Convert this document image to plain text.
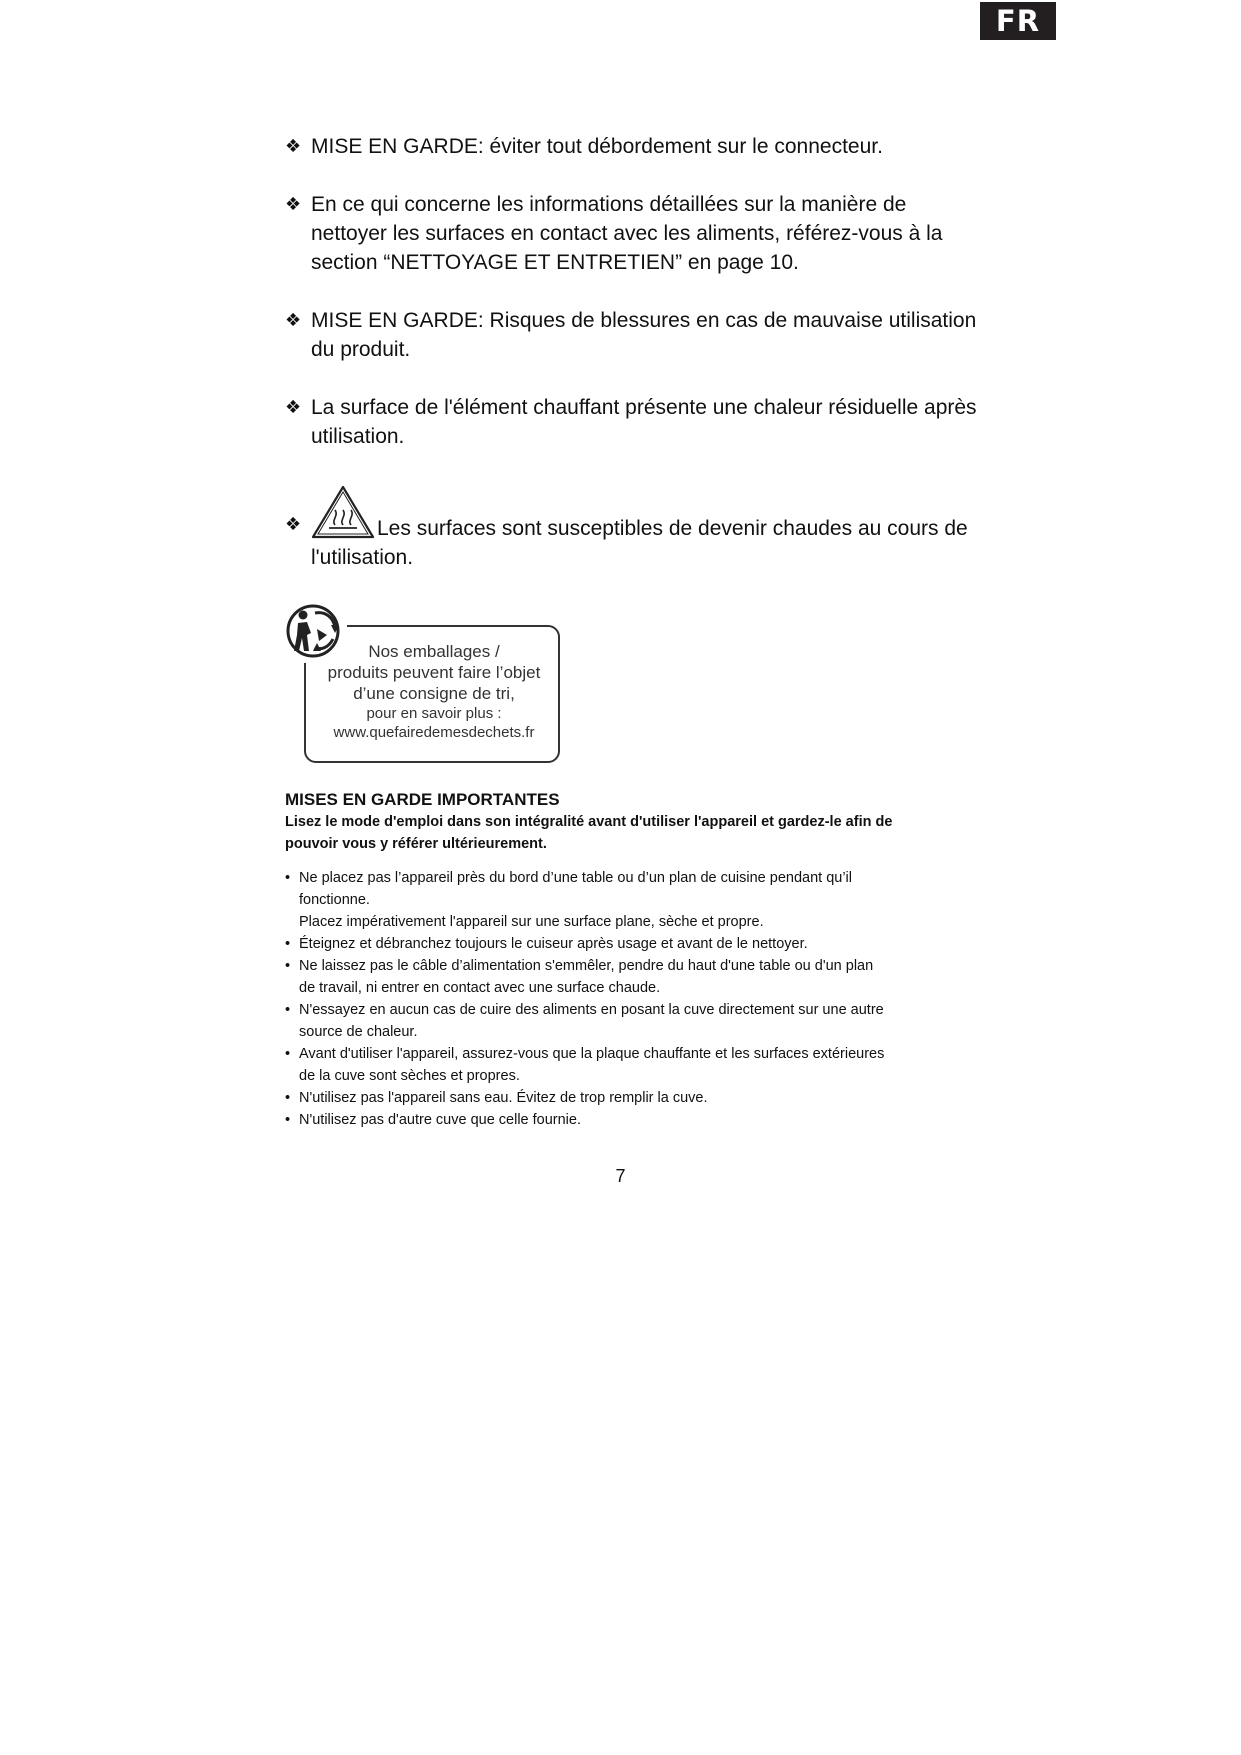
FR
❖ MISE EN GARDE: éviter tout débordement sur le connecteur.
❖ En ce qui concerne les informations détaillées sur la manière de nettoyer les surfaces en contact avec les aliments, référez-vous à la section “NETTOYAGE ET ENTRETIEN” en page 10.
❖ MISE EN GARDE: Risques de blessures en cas de mauvaise utilisation du produit.
❖ La surface de l'élément chauffant présente une chaleur résiduelle après utilisation.
❖	Les surfaces sont susceptibles de devenir chaudes au cours de l'utilisation.
Nos emballages /
produits peuvent faire l’objet
d’une consigne de tri,
pour en savoir plus :
www.quefairedemesdechets.fr
MISES EN GARDE IMPORTANTES
Lisez le mode d'emploi dans son intégralité avant d'utiliser l'appareil et gardez-le afin de
pouvoir vous y référer ultérieurement.
• Ne placez pas l’appareil près du bord d’une table ou d’un plan de cuisine pendant qu’il
fonctionne.
Placez impérativement l'appareil sur une surface plane, sèche et propre.
• Éteignez et débranchez toujours le cuiseur après usage et avant de le nettoyer.
• Ne laissez pas le câble d’alimentation s'emmêler, pendre du haut d'une table ou d'un plan
de travail, ni entrer en contact avec une surface chaude.
• N'essayez en aucun cas de cuire des aliments en posant la cuve directement sur une autre
source de chaleur.
• Avant d'utiliser l'appareil, assurez-vous que la plaque chauffante et les surfaces extérieures
de la cuve sont sèches et propres.
• N'utilisez pas l'appareil sans eau. Évitez de trop remplir la cuve.
• N'utilisez pas d'autre cuve que celle fournie.
7
